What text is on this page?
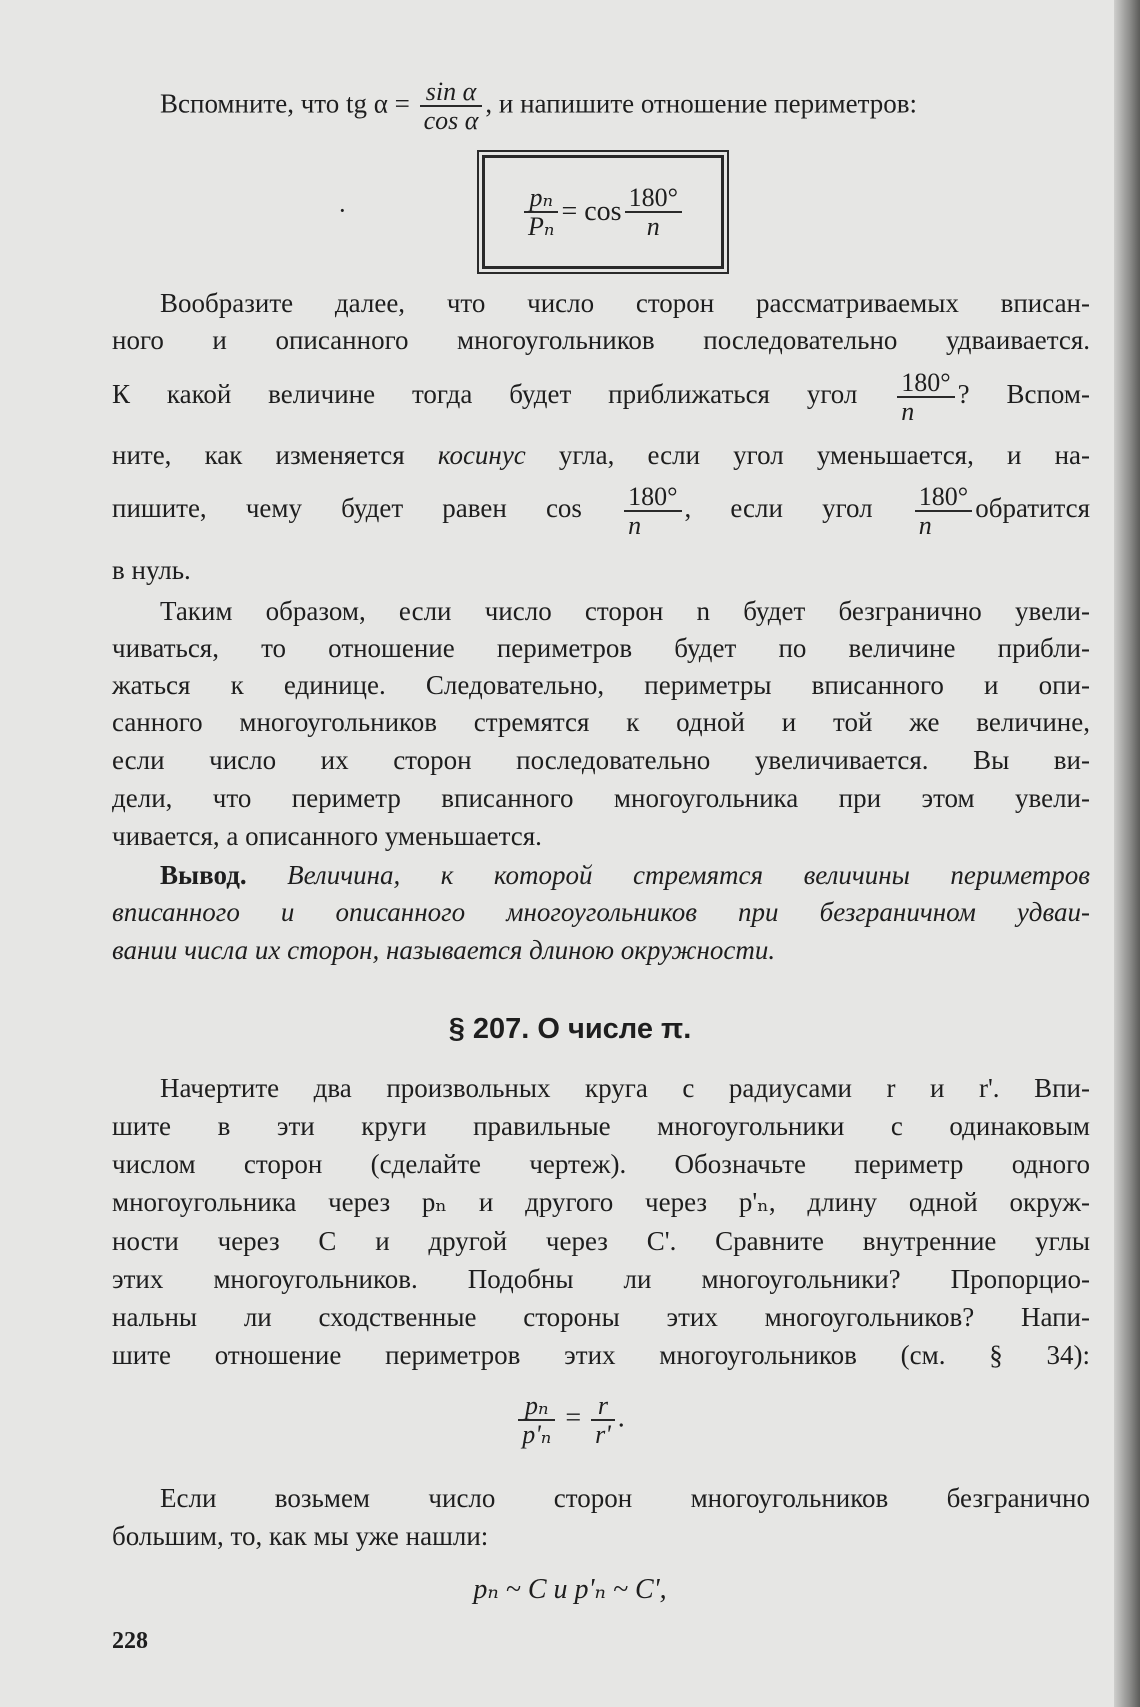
Вспомните, что tg $\alpha = \frac{\text{sin α}}{\text{cos α}}$ , и напишите отношение периметров:
·	$\frac{\text{pₙ}}{\text{Pₙ}} = \cos \frac{180^\circ}{n}$
Вообразите далее, что число сторон рассматриваемых вписан-
ного и описанного многоугольников последовательно удваивается.
К какой величине тогда будет приближаться угол $\frac{180^\circ}{n}$ ? Вспом-
ните, как изменяется косинус угла, если угол уменьшается, и на-
пишите, чему будет равен $\cos \frac{180^\circ}{n}$ , если угол $\frac{180^\circ}{n}$ обратится
в нуль.
Таким образом, если число сторон n будет безгранично увели-
чиваться, то отношение периметров будет по величине прибли-
жаться к единице. Следовательно, периметры вписанного и опи-
санного многоугольников стремятся к одной и той же величине,
если число их сторон последовательно увеличивается. Вы ви-
дели, что периметр вписанного многоугольника при этом увели-
чивается, а описанного уменьшается.
Вывод. Величина, к которой стремятся величины периметров
вписанного и описанного многоугольников при безграничном удваи-
вании числа их сторон, называется длиною окружности.
§ 207. О числе π.
Начертите два произвольных круга с радиусами r и r'. Впи-
шите в эти круги правильные многоугольники с одинаковым
числом сторон (сделайте чертеж). Обозначьте периметр одного
многоугольника через pₙ и другого через p'ₙ, длину одной окруж-
ности через C и другой через C'. Сравните внутренние углы
этих многоугольников. Подобны ли многоугольники? Пропорцио-
нальны ли сходственные стороны этих многоугольников? Напи-
шите отношение периметров этих многоугольников (см. § 34):
$\frac{\text{pₙ}}{\text{p'ₙ}} = \frac{r}{r'}$ .
Если возьмем число сторон многоугольников безгранично
большим, то, как мы уже нашли:
pₙ ~ C и p'ₙ ~ C',
228
